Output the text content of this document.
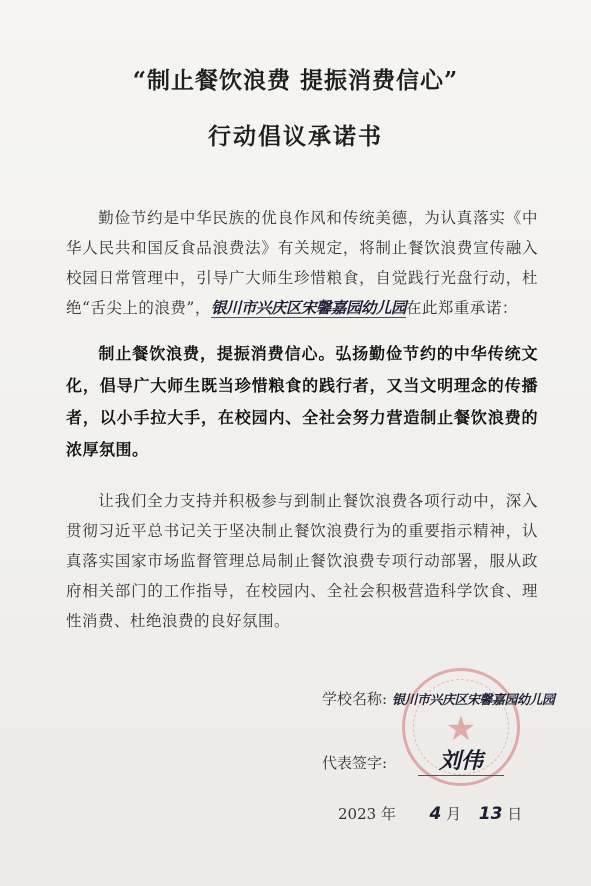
“制止餐饮浪费 提振消费信心”
行动倡议承诺书
勤俭节约是中华民族的优良作风和传统美德，为认真落实《中华人民共和国反食品浪费法》有关规定，将制止餐饮浪费宣传融入校园日常管理中，引导广大师生珍惜粮食，自觉践行光盘行动，杜绝“舌尖上的浪费”，银川市兴庆区宋馨嘉园幼儿园在此郑重承诺：
制止餐饮浪费，提振消费信心。弘扬勤俭节约的中华传统文化，倡导广大师生既当珍惜粮食的践行者，又当文明理念的传播者，以小手拉大手，在校园内、全社会努力营造制止餐饮浪费的浓厚氛围。
让我们全力支持并积极参与到制止餐饮浪费各项行动中，深入贯彻习近平总书记关于坚决制止餐饮浪费行为的重要指示精神，认真落实国家市场监督管理总局制止餐饮浪费专项行动部署，服从政府相关部门的工作指导，在校园内、全社会积极营造科学饮食、理性消费、杜绝浪费的良好氛围。
★
学校名称: 银川市兴庆区宋馨嘉园幼儿园
代表签字: 刘伟
2023 年 4 月 13 日
